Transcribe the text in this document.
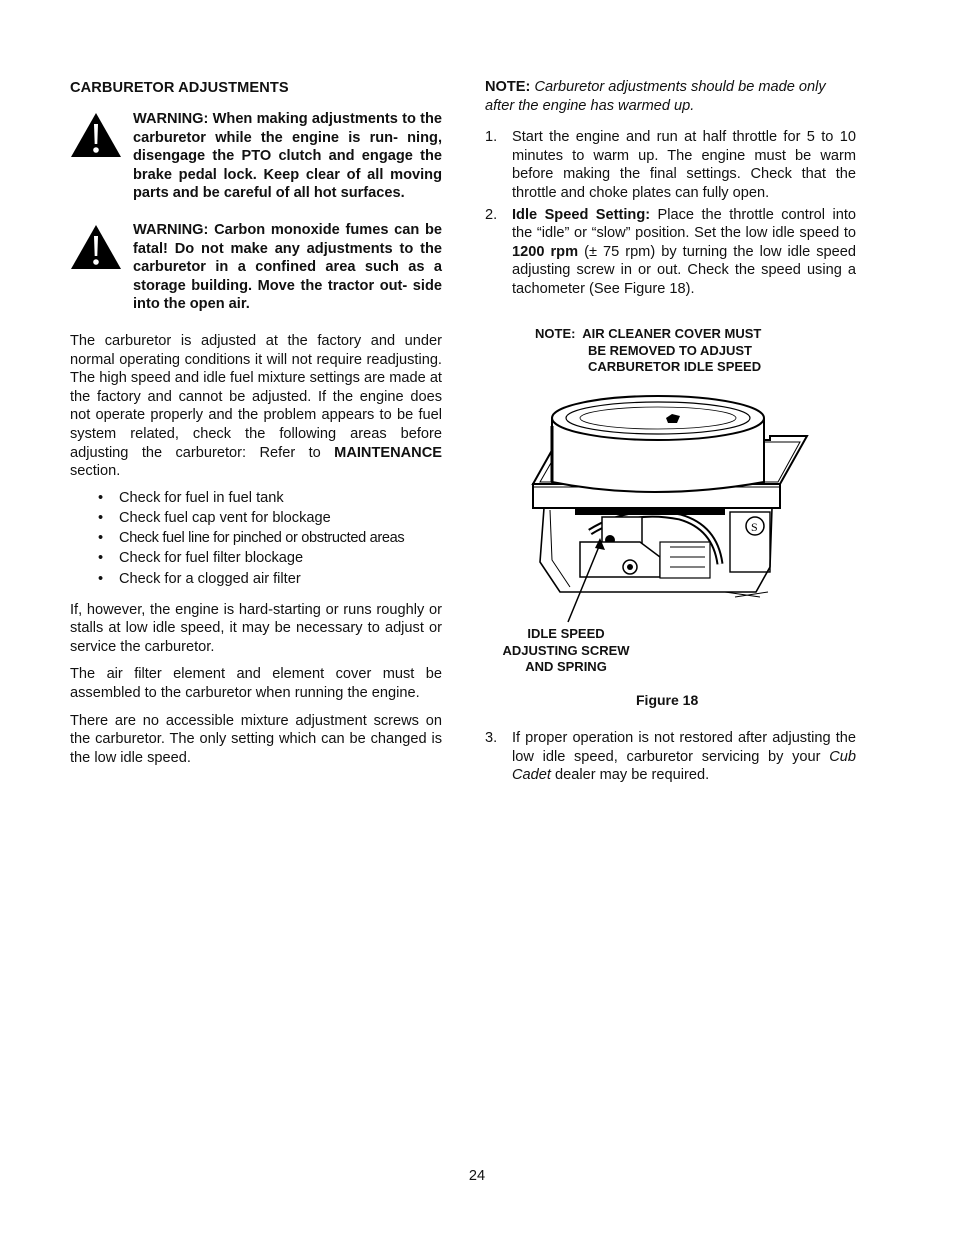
CARBURETOR ADJUSTMENTS
WARNING: When making adjustments to the carburetor while the engine is run- ning, disengage the PTO clutch and engage the brake pedal lock. Keep clear of all moving parts and be careful of all hot surfaces.
WARNING: Carbon monoxide fumes can be fatal! Do not make any adjustments to the carburetor in a confined area such as a storage building. Move the tractor out- side into the open air.

The carburetor is adjusted at the factory and under normal operating conditions it will not require readjusting. The high speed and idle fuel mixture settings are made at the factory and cannot be adjusted. If the engine does not operate properly and the problem appears to be fuel system related, check the following areas before adjusting the carburetor: Refer to MAINTENANCE section.

• Check for fuel in fuel tank
• Check fuel cap vent for blockage
• Check fuel line for pinched or obstructed areas
• Check for fuel filter blockage
• Check for a clogged air filter

If, however, the engine is hard-starting or runs roughly or stalls at low idle speed, it may be necessary to adjust or service the carburetor.

The air filter element and element cover must be assembled to the carburetor when running the engine.

There are no accessible mixture adjustment screws on the carburetor. The only setting which can be changed is the low idle speed.

NOTE: Carburetor adjustments should be made only after the engine has warmed up.

1. Start the engine and run at half throttle for 5 to 10 minutes to warm up. The engine must be warm before making the final settings. Check that the throttle and choke plates can fully open.
2. Idle Speed Setting: Place the throttle control into the “idle” or “slow” position. Set the low idle speed to 1200 rpm (± 75 rpm) by turning the low idle speed adjusting screw in or out. Check the speed using a tachometer (See Figure 18).
NOTE: AIR CLEANER COVER MUST
BE REMOVED TO ADJUST
CARBURETOR IDLE SPEED
S
IDLE SPEED
ADJUSTING SCREW
AND SPRING
Figure 18
3. If proper operation is not restored after adjusting the low idle speed, carburetor servicing by your Cub Cadet dealer may be required.
24
